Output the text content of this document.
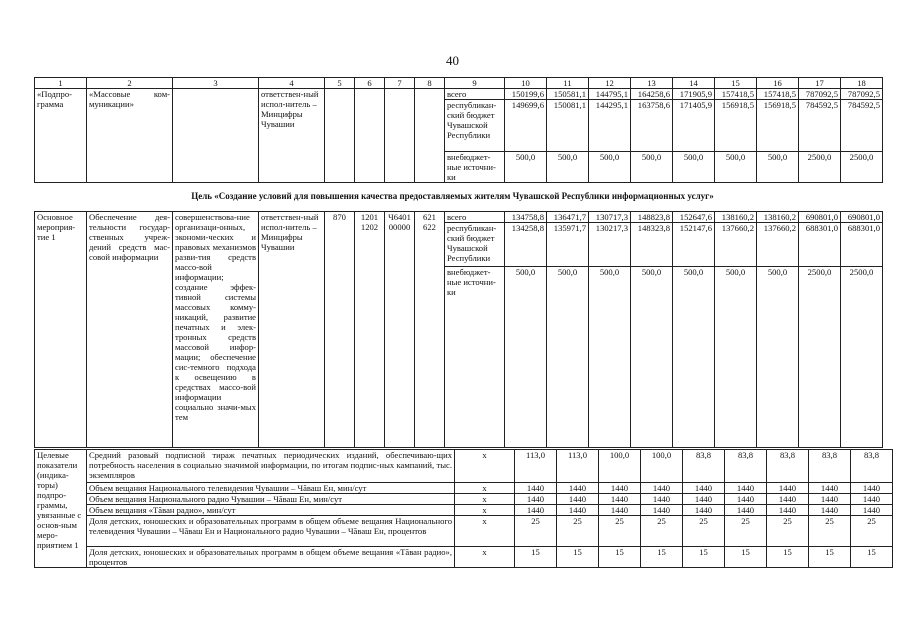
40
1	2	3	4	5	6	7	8	9	10	11	12	13	14	15	16	17	18
«Подпро-грамма	«Массовые ком-муникации»		ответствен-ный испол-нитель – Минцифры Чувашии					всего	150199,6	150581,1	144795,1	164258,6	171905,9	157418,5	157418,5	787092,5	787092,5
								республикан-ский бюджет Чувашской Республики	149699,6	150081,1	144295,1	163758,6	171405,9	156918,5	156918,5	784592,5	784592,5
								внебюджет-ные источни-ки	500,0	500,0	500,0	500,0	500,0	500,0	500,0	2500,0	2500,0
Цель «Создание условий для повышения качества предоставляемых жителям Чувашской Республики информационных услуг»
Основное мероприя-тие 1	Обеспечение дея-тельности государ-ственных учреж-дений средств мас-совой информации	совершенствова-ние организаци-онных, экономи-ческих и правовых механизмов разви-тия средств массо-вой информации; создание эффек-тивной системы массовых комму-никаций, развитие печатных и элек-тронных средств массовой инфор-мации; обеспечение сис-темного подхода к освещению в средствах массо-вой информации социально значи-мых тем	ответствен-ный испол-нитель – Минцифры Чувашии	870	1201 1202	Ч6401 00000	621 622	всего	134758,8	136471,7	130717,3	148823,8	152647,6	138160,2	138160,2	690801,0	690801,0
								республикан-ский бюджет Чувашской Республики	134258,8	135971,7	130217,3	148323,8	152147,6	137660,2	137660,2	688301,0	688301,0
								внебюджет-ные источни-ки	500,0	500,0	500,0	500,0	500,0	500,0	500,0	2500,0	2500,0
Целевые показатели (индика-торы) подпро-граммы, увязанные с основ-ным меро-приятием 1	Средний разовый подписной тираж печатных периодических изданий, обеспечиваю-щих потребность населения в социально значимой информации, по итогам подпис-ных кампаний, тыс. экземпляров	х	113,0	113,0	100,0	100,0	83,8	83,8	83,8	83,8	83,8
	Объем вещания Национального телевидения Чувашии – Чăваш Ен, мин/сут	х	1440	1440	1440	1440	1440	1440	1440	1440	1440
	Объем вещания Национального радио Чувашии – Чăваш Ен, мин/сут	х	1440	1440	1440	1440	1440	1440	1440	1440	1440
	Объем вещания «Тăван радио», мин/сут	х	1440	1440	1440	1440	1440	1440	1440	1440	1440
	Доля детских, юношеских и образовательных программ в общем объеме вещания Национального телевидения Чувашии – Чăваш Ен и Национального радио Чувашии – Чăваш Ен, процентов	х	25	25	25	25	25	25	25	25	25
	Доля детских, юношеских и образовательных программ в общем объеме вещания «Тăван радио», процентов	х	15	15	15	15	15	15	15	15	15
